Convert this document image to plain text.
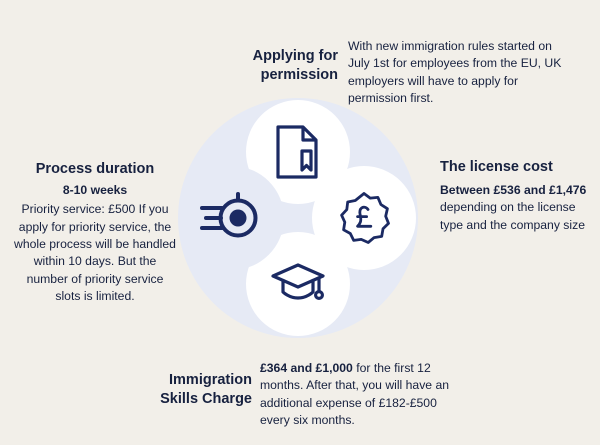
Applying for permission
With new immigration rules started on July 1st for employees from the EU, UK employers will have to apply for permission first.
The license cost
Between £536 and £1,476 depending on the license type and the company size
Process duration
8-10 weeks
Priority service: £500 If you apply for priority service, the whole process will be handled within 10 days. But the number of priority service slots is limited.
Immigration Skills Charge
£364 and £1,000 for the first 12 months. After that, you will have an additional expense of £182-£500 every six months.
